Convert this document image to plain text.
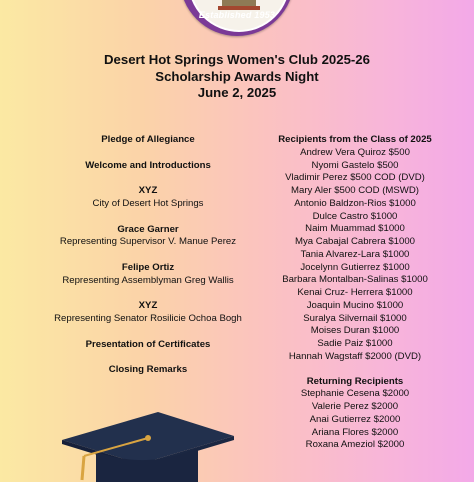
Established 1953
Desert Hot Springs Women's Club 2025-26
Scholarship Awards Night
June 2, 2025
Pledge of Allegiance
Welcome and Introductions
XYZ
City of Desert Hot Springs
Grace Garner
Representing Supervisor V. Manue Perez
Felipe Ortiz
Representing Assemblyman Greg Wallis
XYZ
Representing Senator Rosilicie Ochoa Bogh
Presentation of Certificates
Closing Remarks
Recipients from the Class of 2025
Andrew Vera Quiroz $500
Nyomi Gastelo $500
Vladimir Perez $500 COD (DVD)
Mary Aler $500 COD (MSWD)
Antonio Baldzon-Rios $1000
Dulce Castro $1000
Naim Muammad $1000
Mya Cabajal Cabrera $1000
Tania Alvarez-Lara $1000
Jocelynn Gutierrez $1000
Barbara Montalban-Salinas $1000
Kenai Cruz- Herrera $1000
Joaquin Mucino $1000
Suralya Silvernail $1000
Moises Duran $1000
Sadie Paiz $1000
Hannah Wagstaff $2000 (DVD)
Returning Recipients
Stephanie Cesena $2000
Valerie Perez $2000
Anai Gutierrez $2000
Ariana Flores $2000
Roxana Ameziol $2000
